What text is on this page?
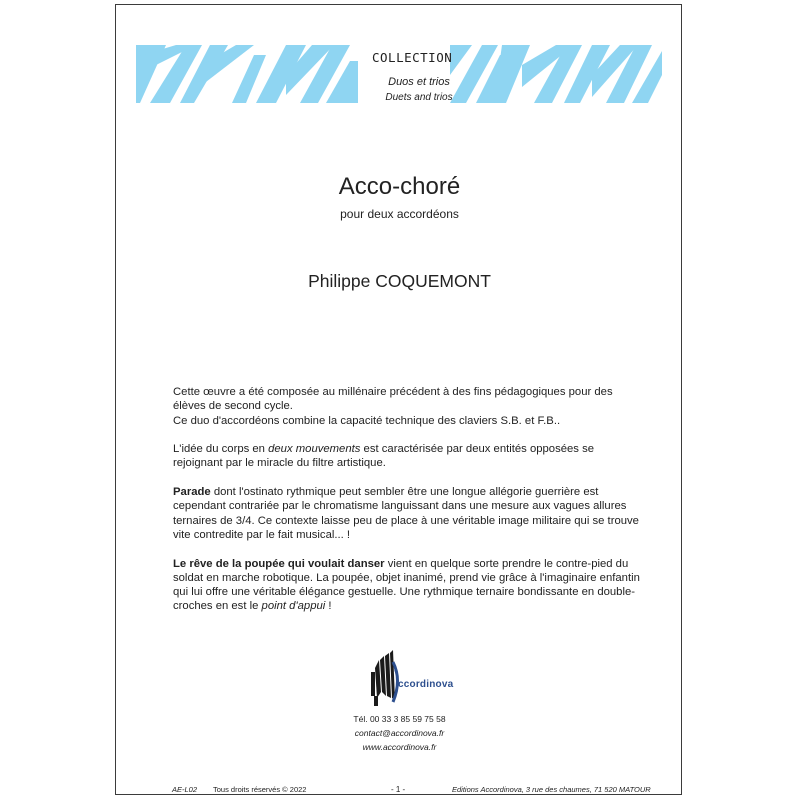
COLLECTION
Duos et trios
Duets and trios
Acco-choré
pour deux accordéons
Philippe COQUEMONT

Cette œuvre a été composée au millénaire précédent à des fins pédagogiques pour des élèves de second cycle.
Ce duo d'accordéons combine la capacité technique des claviers S.B. et F.B..

L'idée du corps en deux mouvements est caractérisée par deux entités opposées se rejoignant par le miracle du filtre artistique.

Parade dont l'ostinato rythmique peut sembler être une longue allégorie guerrière est cependant contrariée par le chromatisme languissant dans une mesure aux vagues allures ternaires de 3/4. Ce contexte laisse peu de place à une véritable image militaire qui se trouve vite contredite par le fait musical... !

Le rêve de la poupée qui voulait danser vient en quelque sorte prendre le contre-pied du soldat en marche robotique. La poupée, objet inanimé, prend vie grâce à l'imaginaire enfantin qui lui offre une véritable élégance gestuelle. Une rythmique ternaire bondissante en double-croches en est le point d'appui !

ccordinova
Tél. 00 33 3 85 59 75 58
contact@accordinova.fr
www.accordinova.fr
AE-L02 Tous droits réservés © 2022	- 1 -	Editions Accordinova, 3 rue des chaumes, 71 520 MATOUR
